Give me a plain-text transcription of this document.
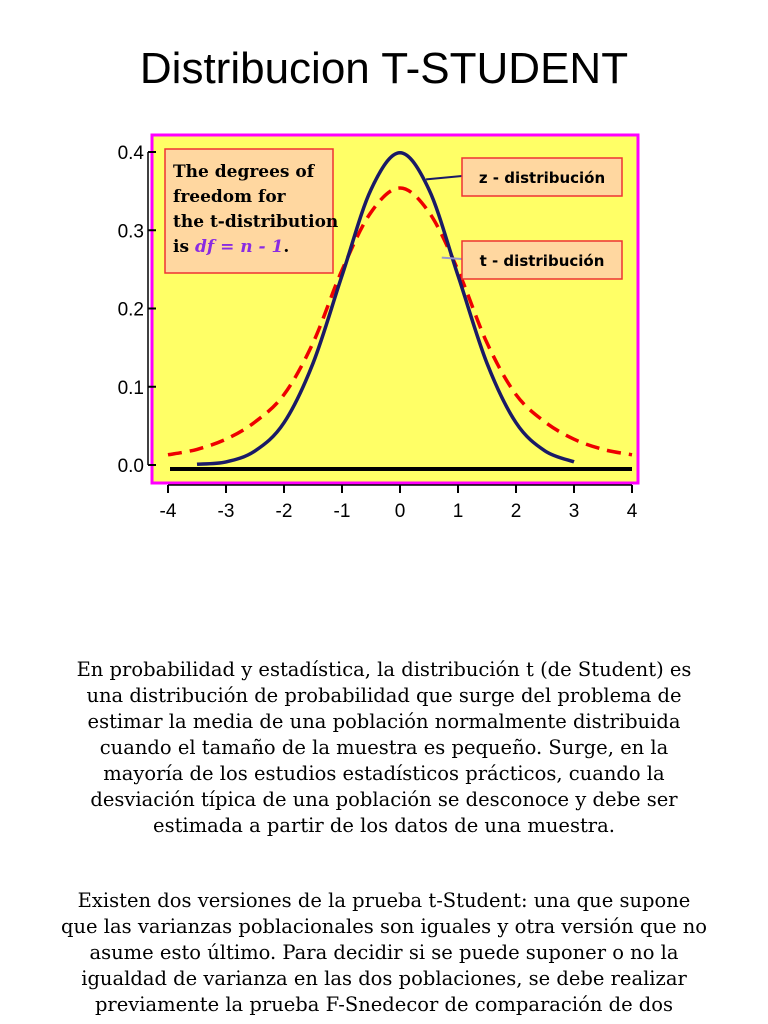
Distribucion T-STUDENT
0.0
0.1
0.2
0.3
0.4
-4 -3 -2 -1 0 1 2 3 4
The degrees of
freedom for
the t-distribution
is df = n - 1.
z - distribución
t - distribución
En probabilidad y estadística, la distribución t (de Student) es
una distribución de probabilidad que surge del problema de
estimar la media de una población normalmente distribuida
cuando el tamaño de la muestra es pequeño. Surge, en la
mayoría de los estudios estadísticos prácticos, cuando la
desviación típica de una población se desconoce y debe ser
estimada a partir de los datos de una muestra.
Existen dos versiones de la prueba t-Student: una que supone
que las varianzas poblacionales son iguales y otra versión que no
asume esto último. Para decidir si se puede suponer o no la
igualdad de varianza en las dos poblaciones, se debe realizar
previamente la prueba F-Snedecor de comparación de dos
